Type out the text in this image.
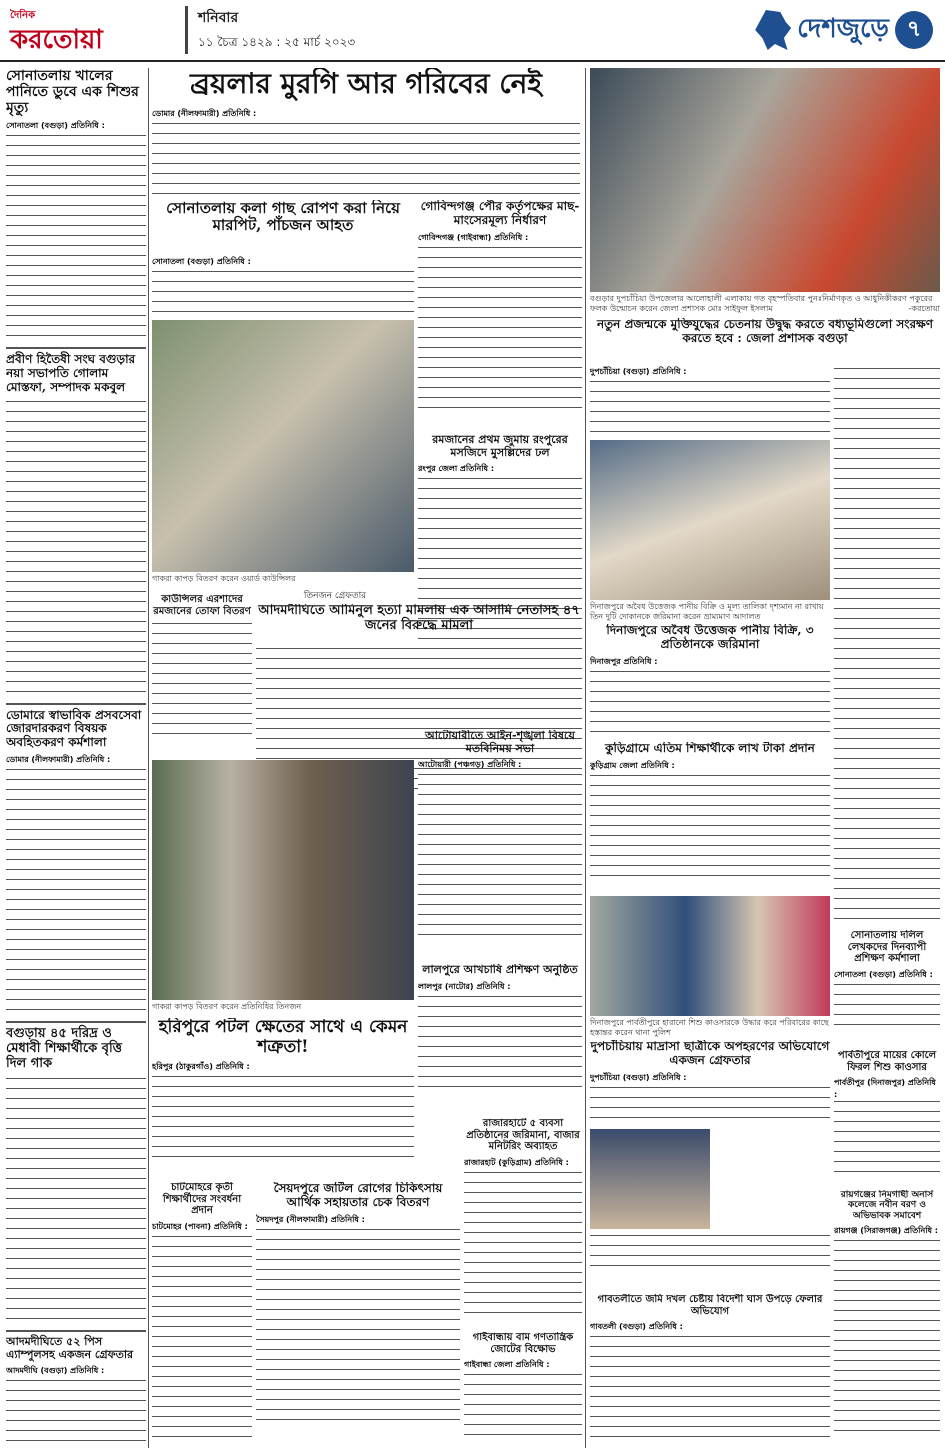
দৈনিক
করতোয়া
শনিবার
১১ চৈত্র ১৪২৯ : ২৫ মার্চ ২০২৩	দেশজুড়ে ৭
সোনাতলায় খালের পানিতে ডুবে এক শিশুর মৃত্যু
সোনাতলা (বগুড়া) প্রতিনিধি :
প্রবীণ হিতৈষী সংঘ বগুড়ার নয়া সভাপতি গোলাম মোস্তফা, সম্পাদক মকবুল
ডোমারে স্বাভাবিক প্রসবসেবা জোরদারকরণ বিষয়ক অবহিতকরণ কর্মশালা
ডোমার (নীলফামারী) প্রতিনিধি :
বগুড়ায় ৪৫ দরিদ্র ও মেধাবী শিক্ষার্থীকে বৃত্তি দিল গাক
আদমদীঘিতে ৫২ পিস এ্যাম্পুলসহ একজন গ্রেফতার
আদমদীঘি (বগুড়া) প্রতিনিধি :
ব্রয়লার মুরগি আর গরিবের নেই
ডোমার (নীলফামারী) প্রতিনিধি :
সোনাতলায় কলা গাছ রোপণ করা নিয়ে মারপিট, পাঁচজন আহত
সোনাতলা (বগুড়া) প্রতিনিধি :
গোবিন্দগঞ্জ পৌর কর্তৃপক্ষের মাছ-মাংসেরমূল্য নির্ধারণ
গোবিন্দগঞ্জ (গাইবান্ধা) প্রতিনিধি :
গাকরা কাপড় বিতরণ করেন ওয়ার্ড কাউন্সিলর
রমজানের প্রথম জুমায় রংপুরের মসজিদে মুসল্লিদের ঢল
রংপুর জেলা প্রতিনিধি :
কাউন্সিলর এরশাদের রমজানের তোফা বিতরণ
তিনজন গ্রেফতার
আদমদীঘিতে আমিনুল হত্যা মামলায় এক আসামি নেতাসহ ৪৭ জনের বিরুদ্ধে মামলা
গাকরা কাপড় বিতরণ করেন প্রতিনিধির তিনজন
আটোয়ারীতে আইন-শৃঙ্খলা বিষয়ে মতবিনিময় সভা
আটোয়ারী (পঞ্চগড়) প্রতিনিধি :
লালপুরে আখচাষি প্রশিক্ষণ অনুষ্ঠিত
লালপুর (নাটোর) প্রতিনিধি :
হরিপুরে পটল ক্ষেতের সাথে এ কেমন শত্রুতা!
হরিপুর (ঠাকুরগাঁও) প্রতিনিধি :
চাটমোহরে কৃতী শিক্ষার্থীদের সংবর্ধনা প্রদান
চাটমোহর (পাবনা) প্রতিনিধি :
সৈয়দপুরে জটিল রোগের চিকিৎসায় আর্থিক সহায়তার চেক বিতরণ
সৈয়দপুর (নীলফামারী) প্রতিনিধি :
রাজারহাটে ৫ ব্যবসা প্রতিষ্ঠানের জরিমানা, বাজার মনিটরিং অব্যাহত
রাজারহাট (কুড়িগ্রাম) প্রতিনিধি :
গাইবান্ধায় বাম গণতান্ত্রিক জোটের বিক্ষোভ
গাইবান্ধা জেলা প্রতিনিধি :
বগুড়ার দুপচাঁচিয়া উপজেলার আলোহালী এলাকায় গত বৃহস্পতিবার পুনঃনির্মাণকৃত ও আধুনিকীকরণ পকুরের ফলক উন্মোচন করেন জেলা প্রশাসক মোঃ সাইফুল ইসলাম	-করতোয়া
নতুন প্রজন্মকে মুক্তিযুদ্ধের চেতনায় উদ্বুদ্ধ করতে বধ্যভূমিগুলো সংরক্ষণ করতে হবে : জেলা প্রশাসক বগুড়া
দুপচাঁচিয়া (বগুড়া) প্রতিনিধি :
দিনাজপুরে অবৈধ উত্তেজক পানীয় বিক্রি ও মূল্য তালিকা দৃশ্যমান না রাখায় তিন দুটি দোকানকে জরিমানা করেন ভ্রাম্যমাণ আদালত
দিনাজপুরে অবৈধ উত্তেজক পানীয় বিক্রি, ৩ প্রতিষ্ঠানকে জরিমানা
দিনাজপুর প্রতিনিধি :
কুড়িগ্রামে এতিম শিক্ষার্থীকে লাখ টাকা প্রদান
কুড়িগ্রাম জেলা প্রতিনিধি :
দিনাজপুরে পার্বতীপুরে হারানো শিশু কাওসারকে উদ্ধার করে পরিবারের কাছে হস্তান্তর করেন থানা পুলিশ
সোনাতলায় দলিল লেখকদের দিনব্যাপী প্রশিক্ষণ কর্মশালা
সোনাতলা (বগুড়া) প্রতিনিধি :
পার্বতীপুরে মায়ের কোলে ফিরল শিশু কাওসার
পার্বতীপুর (দিনাজপুর) প্রতিনিধি :
দুপচাঁচিয়ায় মাদ্রাসা ছাত্রীকে অপহরণের অভিযোগে একজন গ্রেফতার
দুপচাঁচিয়া (বগুড়া) প্রতিনিধি :
রায়গঞ্জের নিমগাছী অনার্স কলেজে নবীন বরণ ও অভিভাবক সমাবেশ
রায়গঞ্জ (সিরাজগঞ্জ) প্রতিনিধি :
গাবতলীতে জমি দখল চেষ্টায় বিদেশী ঘাস উপড়ে ফেলার অভিযোগ
গাবতলী (বগুড়া) প্রতিনিধি :
